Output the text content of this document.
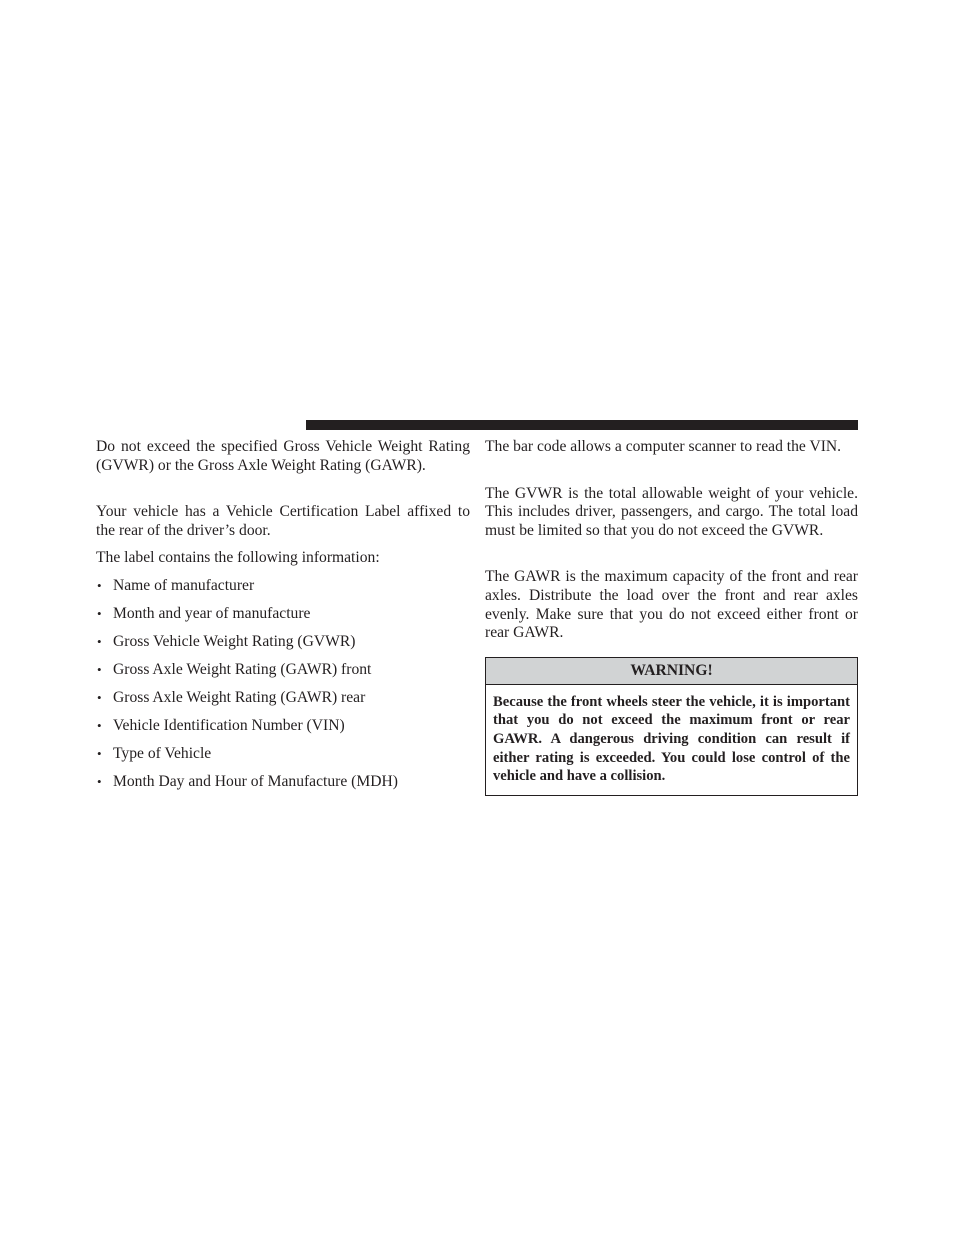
Do not exceed the specified Gross Vehicle Weight Rating (GVWR) or the Gross Axle Weight Rating (GAWR).

Your vehicle has a Vehicle Certification Label affixed to the rear of the driver’s door.

The label contains the following information:

• Name of manufacturer
• Month and year of manufacture
• Gross Vehicle Weight Rating (GVWR)
• Gross Axle Weight Rating (GAWR) front
• Gross Axle Weight Rating (GAWR) rear
• Vehicle Identification Number (VIN)
• Type of Vehicle
• Month Day and Hour of Manufacture (MDH)

The bar code allows a computer scanner to read the VIN.

The GVWR is the total allowable weight of your vehicle. This includes driver, passengers, and cargo. The total load must be limited so that you do not exceed the GVWR.

The GAWR is the maximum capacity of the front and rear axles. Distribute the load over the front and rear axles evenly. Make sure that you do not exceed either front or rear GAWR.

WARNING!
Because the front wheels steer the vehicle, it is important that you do not exceed the maximum front or rear GAWR. A dangerous driving condition can result if either rating is exceeded. You could lose control of the vehicle and have a collision.
